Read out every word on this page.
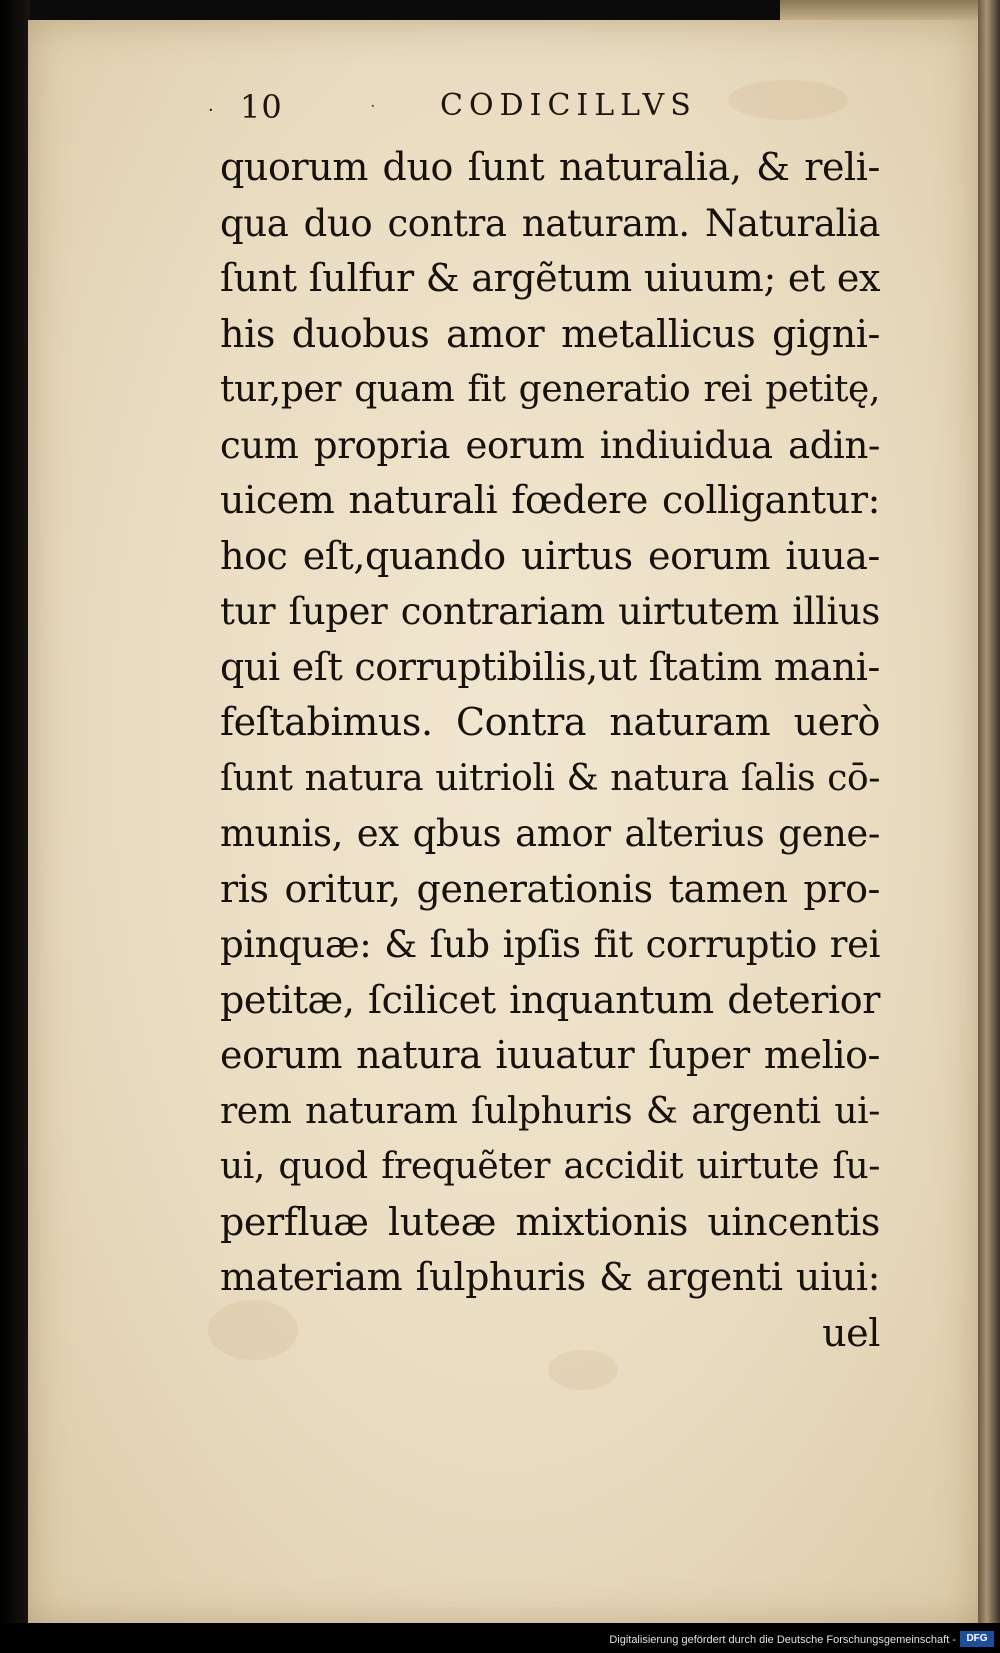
· 10	· CODICILLVS
quorum duo ſunt naturalia, & reli-
qua duo contra naturam. Naturalia
ſunt ſulfur & argẽtum uiuum; et ex
his duobus amor metallicus gigni-
tur,per quam fit generatio rei petitę,
cum propria eorum indiuidua adin-
uicem naturali fœdere colligantur:
hoc eſt,quando uirtus eorum iuua-
tur ſuper contrariam uirtutem illius
qui eſt corruptibilis,ut ſtatim mani-
feſtabimus. Contra naturam uerò
ſunt natura uitrioli & natura ſalis cō-
munis, ex qbus amor alterius gene-
ris oritur, generationis tamen pro-
pinquæ: & ſub ipſis fit corruptio rei
petitæ, ſcilicet inquantum deterior
eorum natura iuuatur ſuper melio-
rem naturam ſulphuris & argenti ui-
ui, quod frequẽter accidit uirtute ſu-
perfluæ luteæ mixtionis uincentis
materiam ſulphuris & argenti uiui:
uel
Digitalisierung gefördert durch die Deutsche Forschungsgemeinschaft -	DFG
